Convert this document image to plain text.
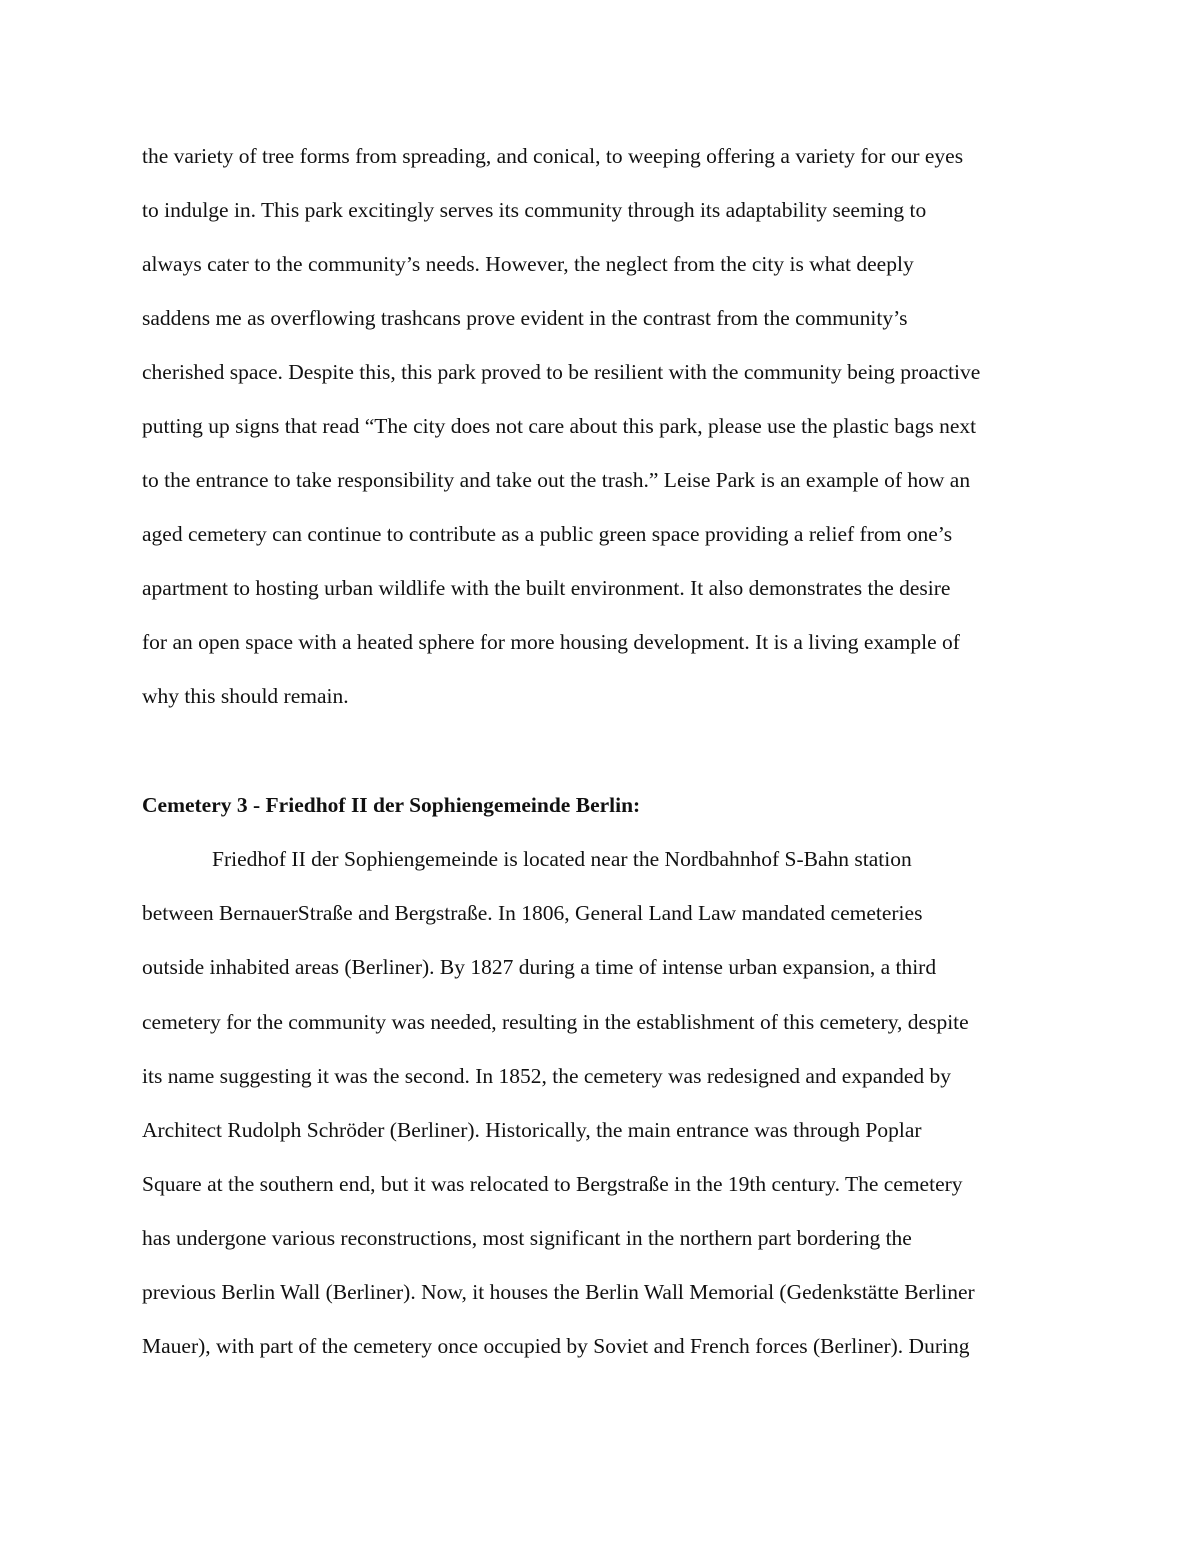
the variety of tree forms from spreading, and conical, to weeping offering a variety for our eyes
to indulge in. This park excitingly serves its community through its adaptability seeming to
always cater to the community’s needs. However, the neglect from the city is what deeply
saddens me as overflowing trashcans prove evident in the contrast from the community’s
cherished space. Despite this, this park proved to be resilient with the community being proactive
putting up signs that read “The city does not care about this park, please use the plastic bags next
to the entrance to take responsibility and take out the trash.” Leise Park is an example of how an
aged cemetery can continue to contribute as a public green space providing a relief from one’s
apartment to hosting urban wildlife with the built environment. It also demonstrates the desire
for an open space with a heated sphere for more housing development. It is a living example of
why this should remain.
Cemetery 3 - Friedhof II der Sophiengemeinde Berlin:
Friedhof II der Sophiengemeinde is located near the Nordbahnhof S-Bahn station
between BernauerStraße and Bergstraße. In 1806, General Land Law mandated cemeteries
outside inhabited areas (Berliner). By 1827 during a time of intense urban expansion, a third
cemetery for the community was needed, resulting in the establishment of this cemetery, despite
its name suggesting it was the second. In 1852, the cemetery was redesigned and expanded by
Architect Rudolph Schröder (Berliner). Historically, the main entrance was through Poplar
Square at the southern end, but it was relocated to Bergstraße in the 19th century. The cemetery
has undergone various reconstructions, most significant in the northern part bordering the
previous Berlin Wall (Berliner). Now, it houses the Berlin Wall Memorial (Gedenkstätte Berliner
Mauer), with part of the cemetery once occupied by Soviet and French forces (Berliner). During
